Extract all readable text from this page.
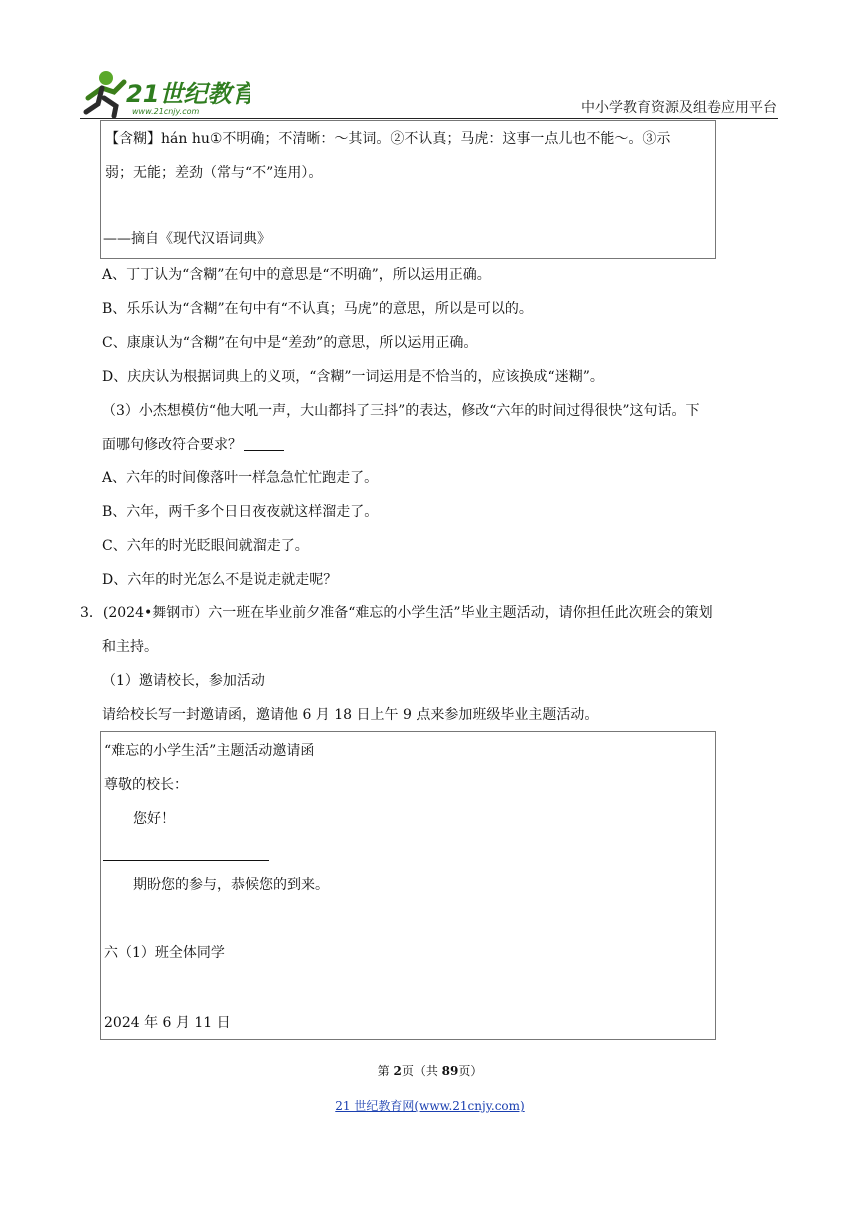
21世纪教育
www.21cnjy.com	中小学教育资源及组卷应用平台
【含糊】hán hu①不明确；不清晰：～其词。②不认真；马虎：这事一点儿也不能～。③示
弱；无能；差劲（常与“不”连用）。
——摘自《现代汉语词典》
A、丁丁认为“含糊”在句中的意思是“不明确”，所以运用正确。
B、乐乐认为“含糊”在句中有“不认真；马虎”的意思，所以是可以的。
C、康康认为“含糊”在句中是“差劲”的意思，所以运用正确。
D、庆庆认为根据词典上的义项，“含糊”一词运用是不恰当的，应该换成“迷糊”。
（3）小杰想模仿“他大吼一声，大山都抖了三抖”的表达，修改“六年的时间过得很快”这句话。下
面哪句修改符合要求？
A、六年的时间像落叶一样急急忙忙跑走了。
B、六年，两千多个日日夜夜就这样溜走了。
C、六年的时光眨眼间就溜走了。
D、六年的时光怎么不是说走就走呢？
3．(2024•舞钢市）六一班在毕业前夕准备“难忘的小学生活”毕业主题活动，请你担任此次班会的策划
和主持。
（1）邀请校长，参加活动
请给校长写一封邀请函，邀请他 6 月 18 日上午 9 点来参加班级毕业主题活动。
“难忘的小学生活”主题活动邀请函
尊敬的校长：
您好！
期盼您的参与，恭候您的到来。
六（1）班全体同学
2024 年 6 月 11 日
第 2页（共 89页）
21 世纪教育网(www.21cnjy.com)
